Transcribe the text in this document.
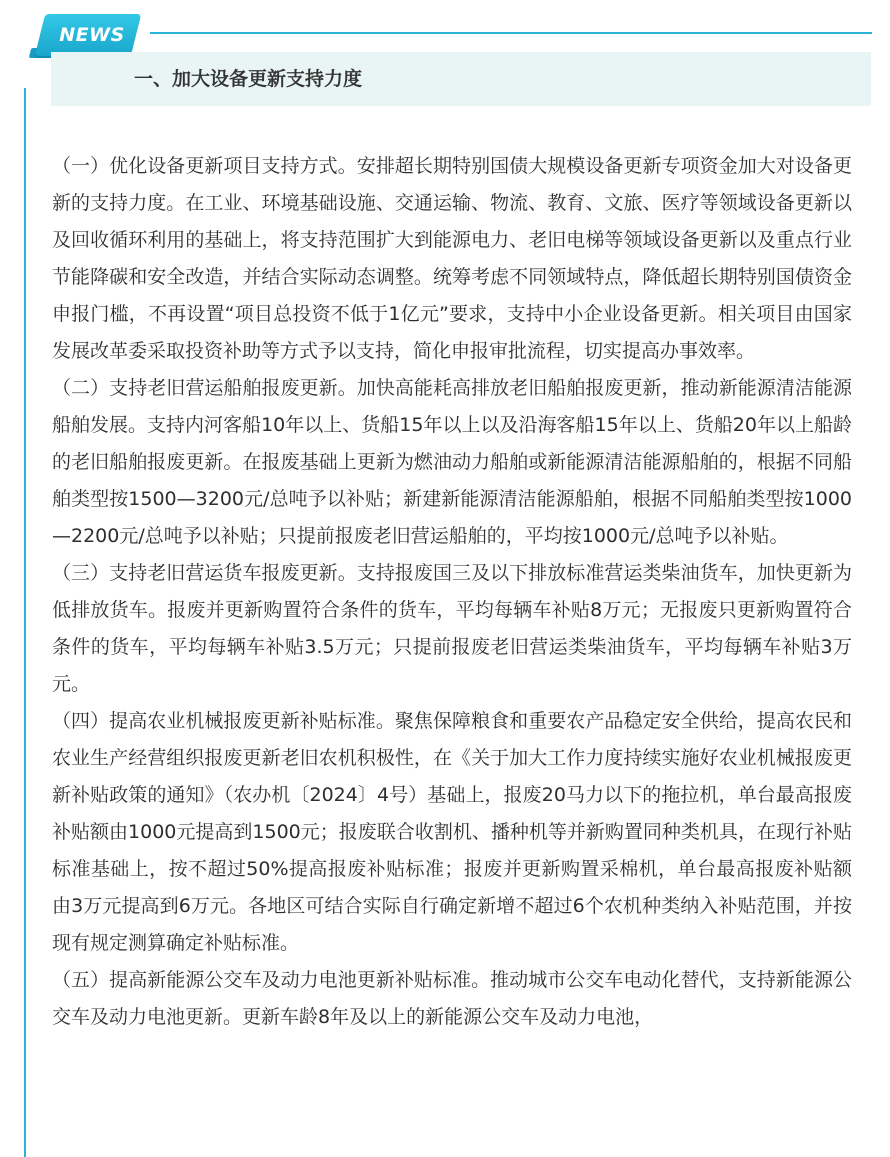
NEWS
一、加大设备更新支持力度

（一）优化设备更新项目支持方式。安排超长期特别国债大规模设备更新专项资金加大对设备更新的支持力度。在工业、环境基础设施、交通运输、物流、教育、文旅、医疗等领域设备更新以及回收循环利用的基础上，将支持范围扩大到能源电力、老旧电梯等领域设备更新以及重点行业节能降碳和安全改造，并结合实际动态调整。统筹考虑不同领域特点，降低超长期特别国债资金申报门槛，不再设置“项目总投资不低于1亿元”要求，支持中小企业设备更新。相关项目由国家发展改革委采取投资补助等方式予以支持，简化申报审批流程，切实提高办事效率。

（二）支持老旧营运船舶报废更新。加快高能耗高排放老旧船舶报废更新，推动新能源清洁能源船舶发展。支持内河客船10年以上、货船15年以上以及沿海客船15年以上、货船20年以上船龄的老旧船舶报废更新。在报废基础上更新为燃油动力船舶或新能源清洁能源船舶的，根据不同船舶类型按1500—3200元/总吨予以补贴；新建新能源清洁能源船舶，根据不同船舶类型按1000—2200元/总吨予以补贴；只提前报废老旧营运船舶的，平均按1000元/总吨予以补贴。

（三）支持老旧营运货车报废更新。支持报废国三及以下排放标准营运类柴油货车，加快更新为低排放货车。报废并更新购置符合条件的货车，平均每辆车补贴8万元；无报废只更新购置符合条件的货车，平均每辆车补贴3.5万元；只提前报废老旧营运类柴油货车，平均每辆车补贴3万元。

（四）提高农业机械报废更新补贴标准。聚焦保障粮食和重要农产品稳定安全供给，提高农民和农业生产经营组织报废更新老旧农机积极性，在《关于加大工作力度持续实施好农业机械报废更新补贴政策的通知》（农办机〔2024〕4号）基础上，报废20马力以下的拖拉机，单台最高报废补贴额由1000元提高到1500元；报废联合收割机、播种机等并新购置同种类机具，在现行补贴标准基础上，按不超过50%提高报废补贴标准；报废并更新购置采棉机，单台最高报废补贴额由3万元提高到6万元。各地区可结合实际自行确定新增不超过6个农机种类纳入补贴范围，并按现有规定测算确定补贴标准。

（五）提高新能源公交车及动力电池更新补贴标准。推动城市公交车电动化替代，支持新能源公交车及动力电池更新。更新车龄8年及以上的新能源公交车及动力电池，
